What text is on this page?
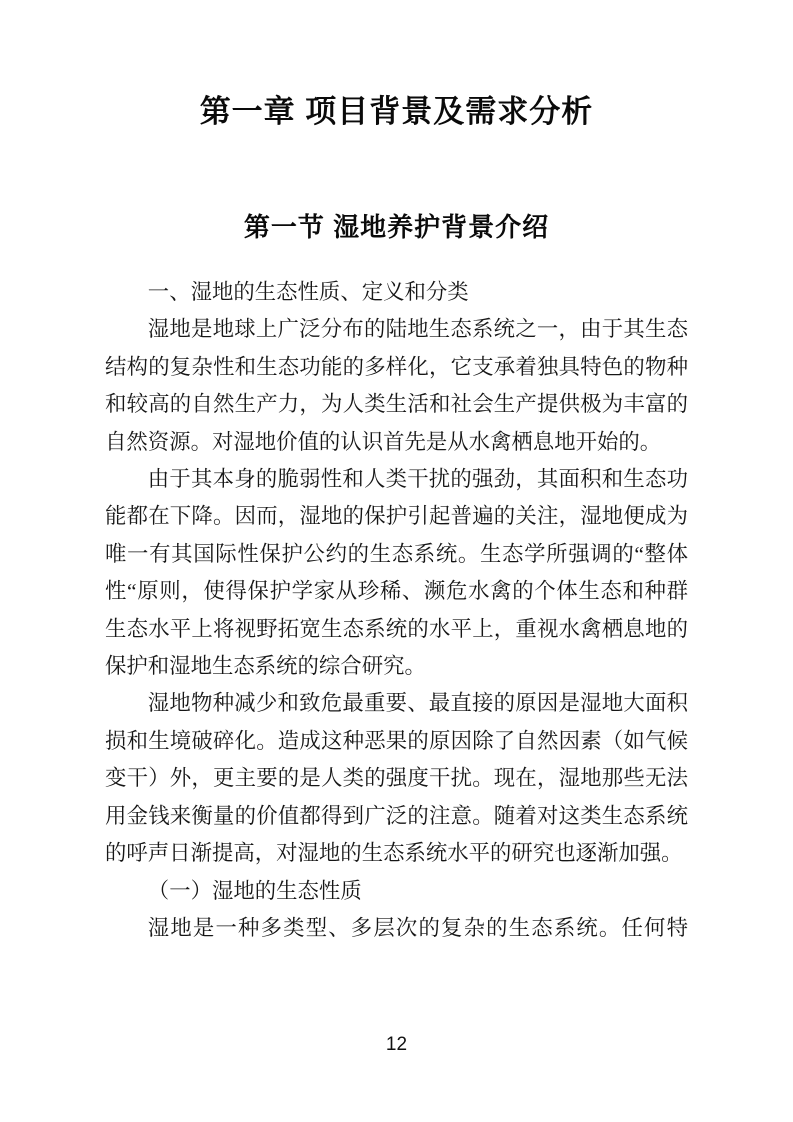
第一章 项目背景及需求分析
第一节 湿地养护背景介绍

一、湿地的生态性质、定义和分类

湿地是地球上广泛分布的陆地生态系统之一，由于其生态结构的复杂性和生态功能的多样化，它支承着独具特色的物种和较高的自然生产力，为人类生活和社会生产提供极为丰富的自然资源。对湿地价值的认识首先是从水禽栖息地开始的。

由于其本身的脆弱性和人类干扰的强劲，其面积和生态功能都在下降。因而，湿地的保护引起普遍的关注，湿地便成为唯一有其国际性保护公约的生态系统。生态学所强调的“整体性“原则，使得保护学家从珍稀、濒危水禽的个体生态和种群生态水平上将视野拓宽生态系统的水平上，重视水禽栖息地的保护和湿地生态系统的综合研究。

湿地物种减少和致危最重要、最直接的原因是湿地大面积损和生境破碎化。造成这种恶果的原因除了自然因素（如气候变干）外，更主要的是人类的强度干扰。现在，湿地那些无法用金钱来衡量的价值都得到广泛的注意。随着对这类生态系统的呼声日渐提高，对湿地的生态系统水平的研究也逐渐加强。

（一）湿地的生态性质

湿地是一种多类型、多层次的复杂的生态系统。任何特

12
